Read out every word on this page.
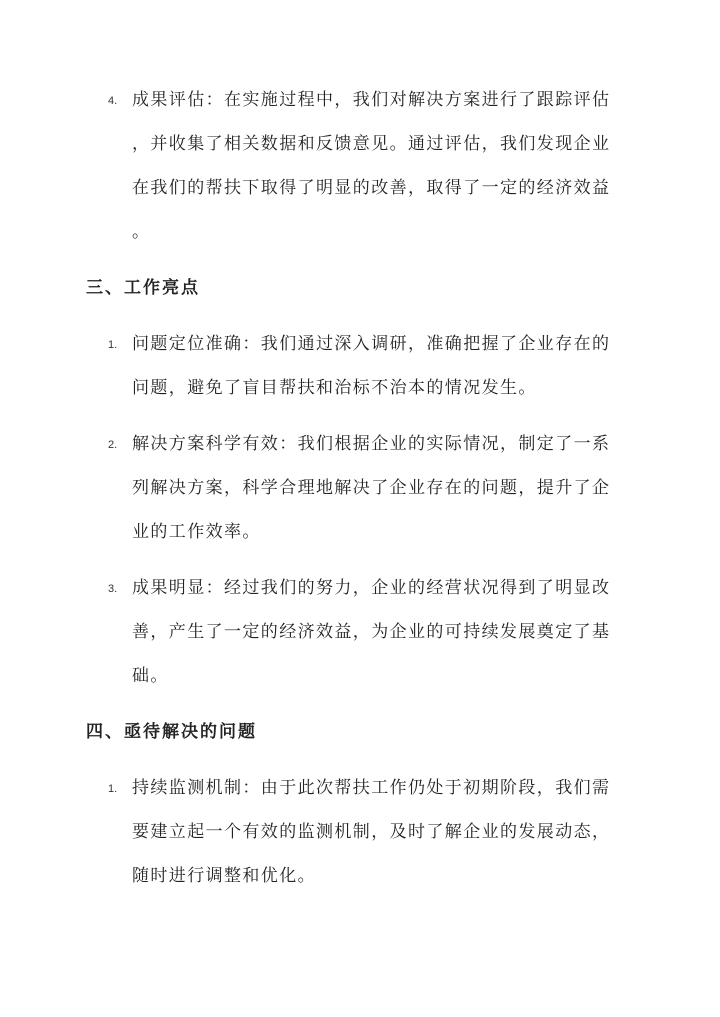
4. 成果评估：在实施过程中，我们对解决方案进行了跟踪评估
，并收集了相关数据和反馈意见。通过评估，我们发现企业
在我们的帮扶下取得了明显的改善，取得了一定的经济效益
。
三、工作亮点
1. 问题定位准确：我们通过深入调研，准确把握了企业存在的
问题，避免了盲目帮扶和治标不治本的情况发生。
2. 解决方案科学有效：我们根据企业的实际情况，制定了一系
列解决方案，科学合理地解决了企业存在的问题，提升了企
业的工作效率。
3. 成果明显：经过我们的努力，企业的经营状况得到了明显改
善，产生了一定的经济效益，为企业的可持续发展奠定了基
础。
四、亟待解决的问题
1. 持续监测机制：由于此次帮扶工作仍处于初期阶段，我们需
要建立起一个有效的监测机制，及时了解企业的发展动态，
随时进行调整和优化。
